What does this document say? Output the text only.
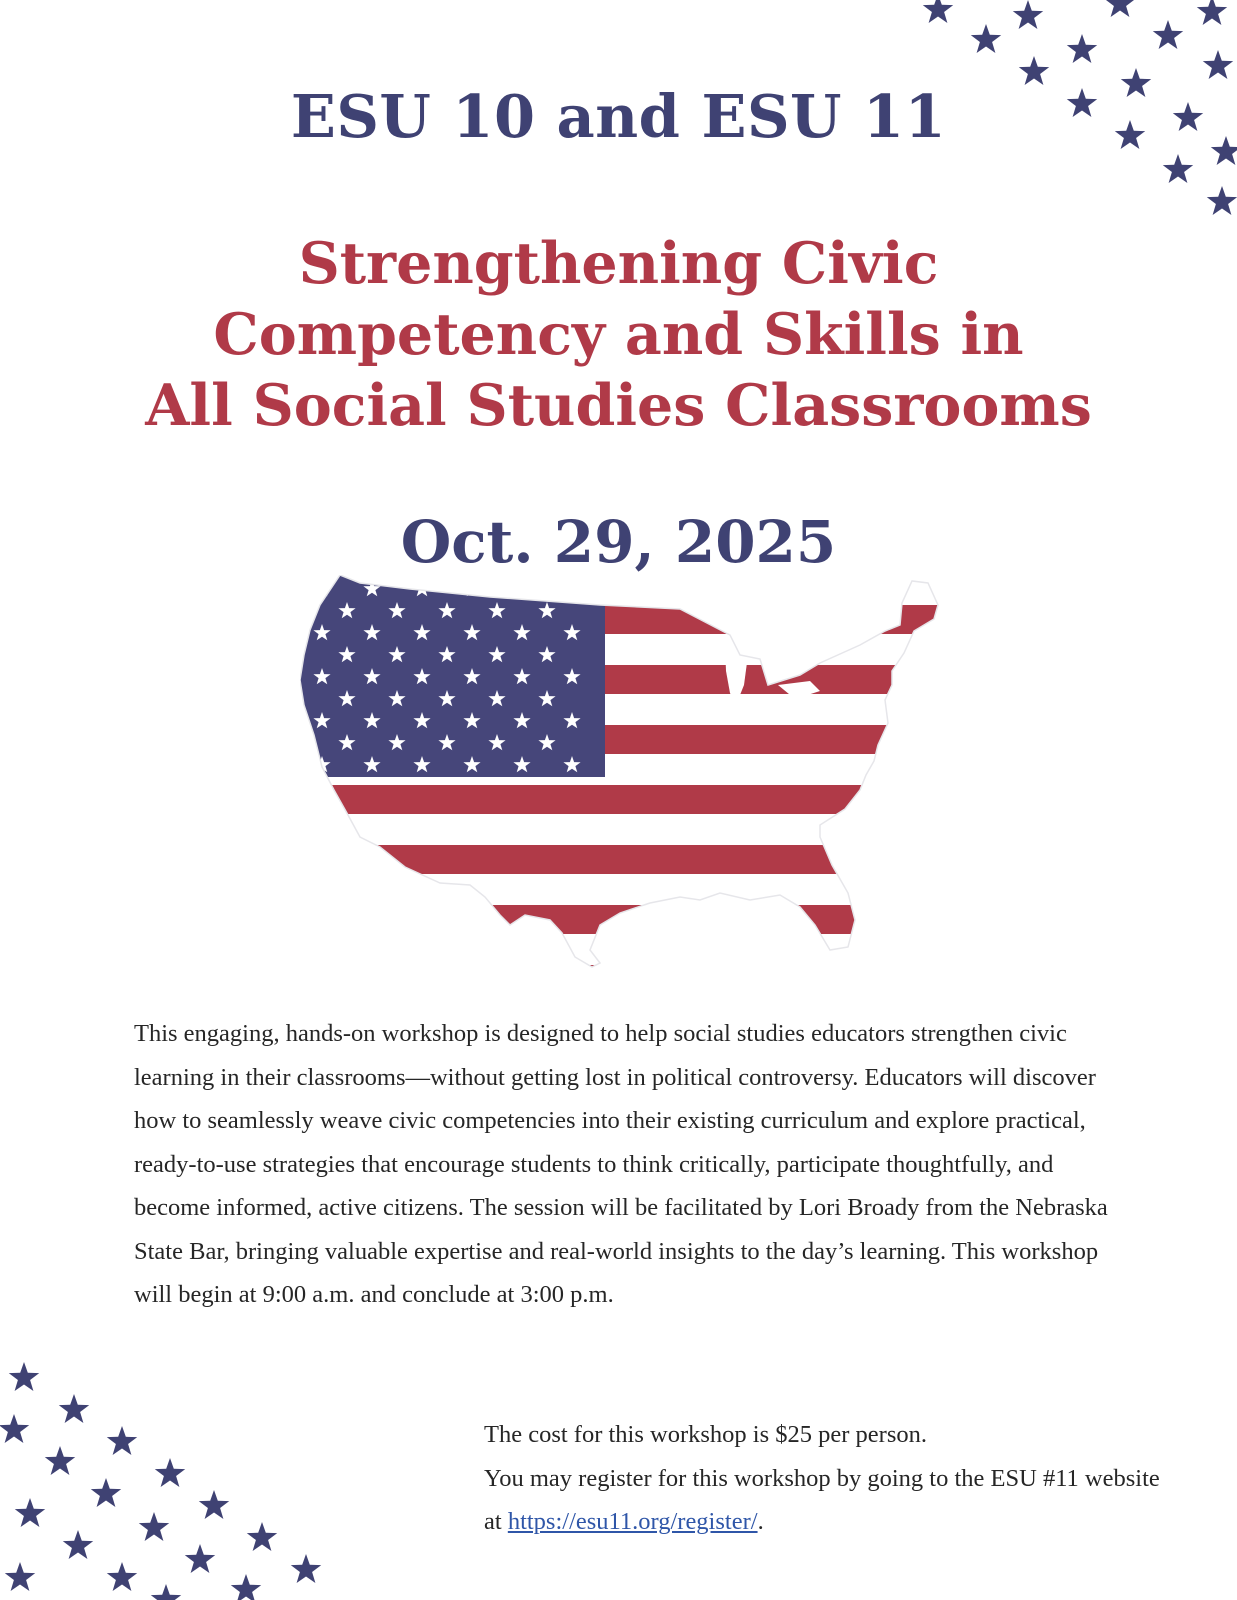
ESU 10 and ESU 11
Strengthening Civic
Competency and Skills in
All Social Studies Classrooms
Oct. 29, 2025

This engaging, hands-on workshop is designed to help social studies educators strengthen civic learning in their classrooms—without getting lost in political controversy. Educators will discover how to seamlessly weave civic competencies into their existing curriculum and explore practical, ready-to-use strategies that encourage students to think critically, participate thoughtfully, and become informed, active citizens. The session will be facilitated by Lori Broady from the Nebraska State Bar, bringing valuable expertise and real-world insights to the day’s learning. This workshop will begin at 9:00 a.m. and conclude at 3:00 p.m.

The cost for this workshop is $25 per person.

You may register for this workshop by going to the ESU #11 website at https://esu11.org/register/.
